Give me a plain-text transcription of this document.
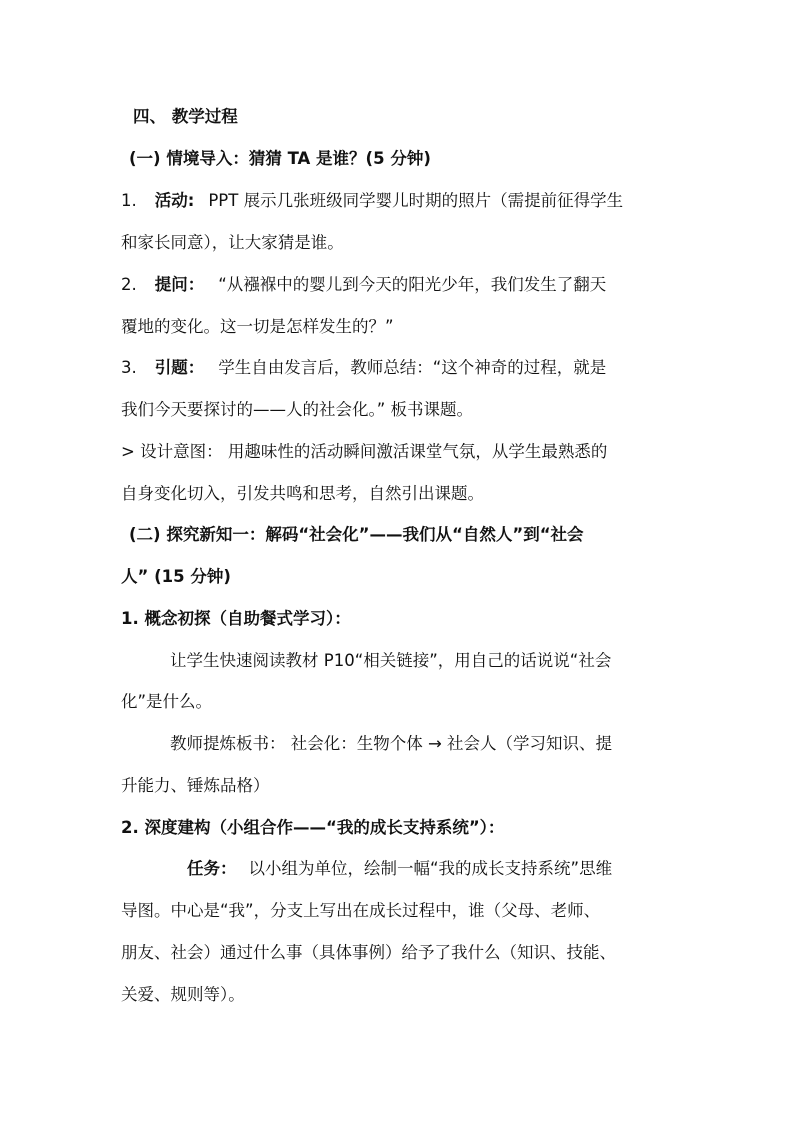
四、 教学过程
(一) 情境导入：猜猜 TA 是谁？(5 分钟)
1. 活动: PPT 展示几张班级同学婴儿时期的照片（需提前征得学生
和家长同意），让大家猜是谁。
2. 提问： “从襁褓中的婴儿到今天的阳光少年，我们发生了翻天
覆地的变化。这一切是怎样发生的？”
3. 引题： 学生自由发言后，教师总结：“这个神奇的过程，就是
我们今天要探讨的——人的社会化。” 板书课题。
> 设计意图： 用趣味性的活动瞬间激活课堂气氛，从学生最熟悉的
自身变化切入，引发共鸣和思考，自然引出课题。
(二) 探究新知一：解码“社会化”——我们从“自然人”到“社会
人” (15 分钟)
1. 概念初探（自助餐式学习）：
让学生快速阅读教材 P10“相关链接”，用自己的话说说“社会
化”是什么。
教师提炼板书： 社会化：生物个体 → 社会人（学习知识、提
升能力、锤炼品格）
2. 深度建构（小组合作——“我的成长支持系统”）：
任务： 以小组为单位，绘制一幅“我的成长支持系统”思维
导图。中心是“我”，分支上写出在成长过程中，谁（父母、老师、
朋友、社会）通过什么事（具体事例）给予了我什么（知识、技能、
关爱、规则等）。
